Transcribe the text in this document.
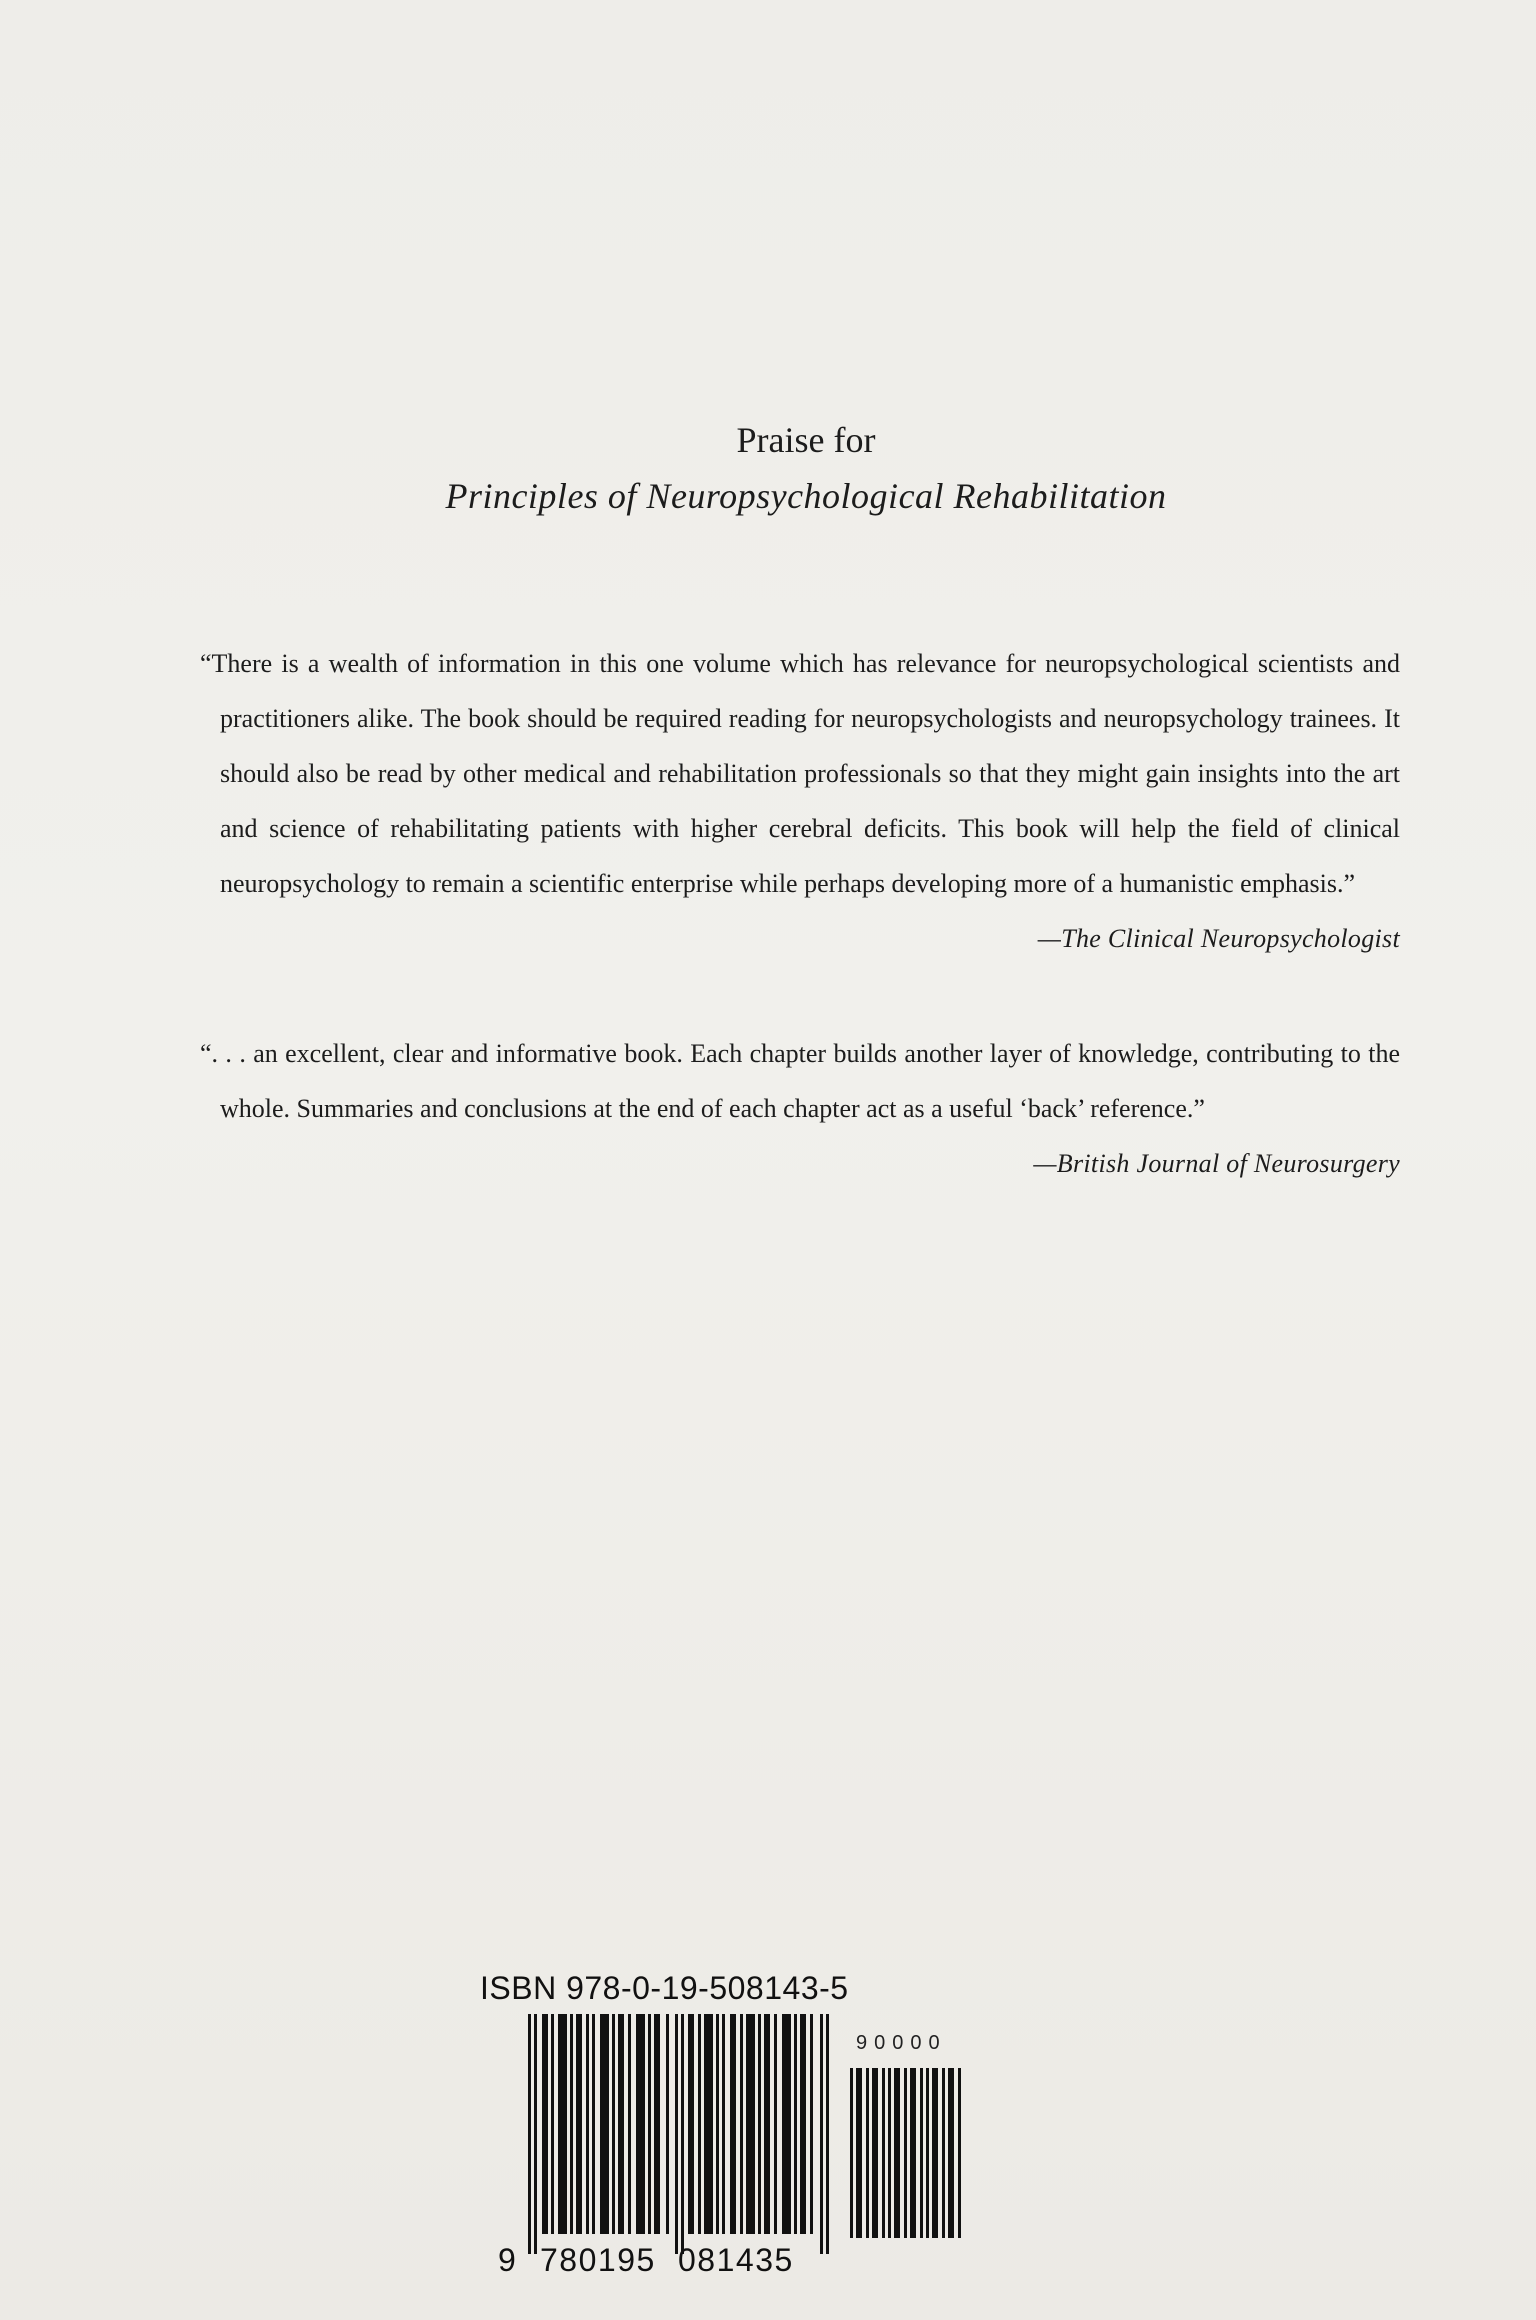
Praise for
Principles of Neuropsychological Rehabilitation
“There is a wealth of information in this one volume which has relevance for neuropsychological scientists and practitioners alike. The book should be required reading for neuropsychologists and neuropsychology trainees. It should also be read by other medical and rehabilitation professionals so that they might gain insights into the art and science of rehabilitating patients with higher cerebral deficits. This book will help the field of clinical neuropsychology to remain a scientific enterprise while perhaps developing more of a humanistic emphasis.”
—The Clinical Neuropsychologist
“. . . an excellent, clear and informative book. Each chapter builds another layer of knowledge, contributing to the whole. Summaries and conclusions at the end of each chapter act as a useful ‘back’ reference.”
—British Journal of Neurosurgery
ISBN 978-0-19-508143-5
90000
9 780195 081435
